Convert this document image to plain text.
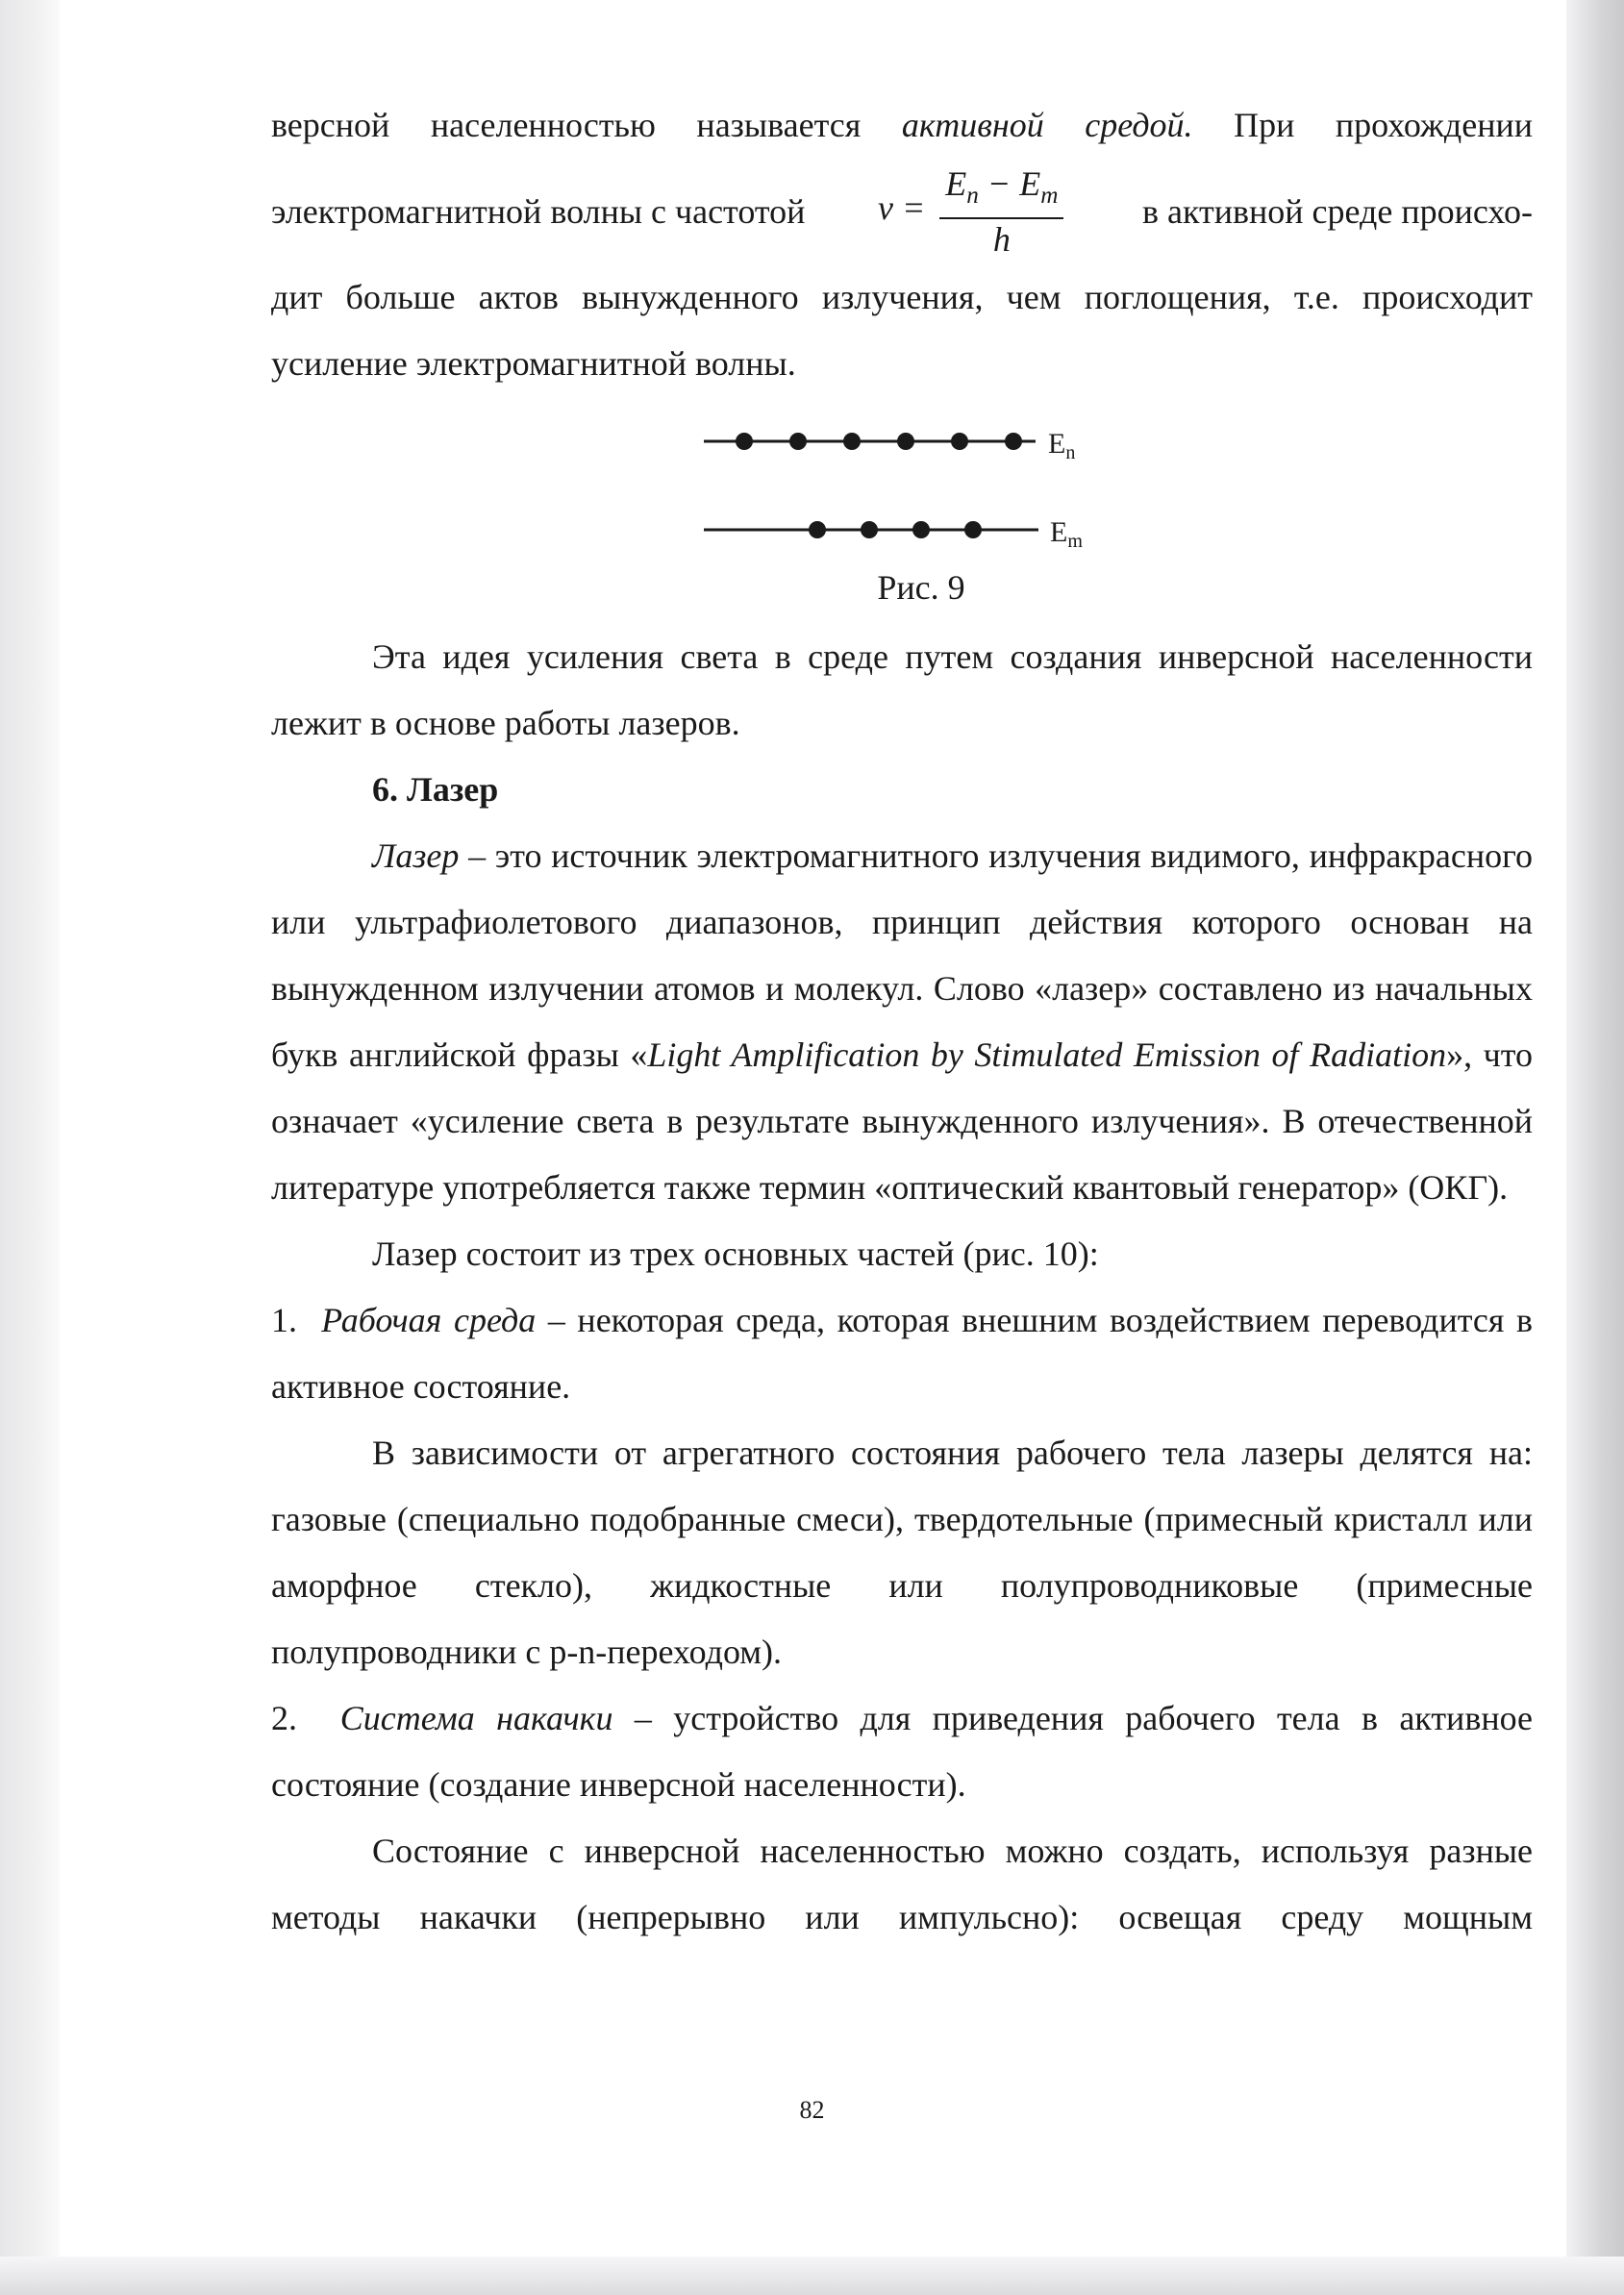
версной населенностью называется активной средой. При прохождении

электромагнитной волны с частотой $\nu = \frac{E_n - E_m}{h}$ в активной среде происхо-

дит больше актов вынужденного излучения, чем поглощения, т.е. происходит усиление электромагнитной волны.

$E_n$
$E_m$

Рис. 9

Эта идея усиления света в среде путем создания инверсной населенности лежит в основе работы лазеров.

6. Лазер

Лазер – это источник электромагнитного излучения видимого, инфракрасного или ультрафиолетового диапазонов, принцип действия которого основан на вынужденном излучении атомов и молекул. Слово «лазер» составлено из начальных букв английской фразы «Light Amplification by Stimulated Emission of Radiation», что означает «усиление света в результате вынужденного излучения». В отечественной литературе употребляется также термин «оптический квантовый генератор» (ОКГ).

Лазер состоит из трех основных частей (рис. 10):

1. Рабочая среда – некоторая среда, которая внешним воздействием переводится в активное состояние.

В зависимости от агрегатного состояния рабочего тела лазеры делятся на: газовые (специально подобранные смеси), твердотельные (примесный кристалл или аморфное стекло), жидкостные или полупроводниковые (примесные полупроводники с p-n-переходом).

2. Система накачки – устройство для приведения рабочего тела в активное состояние (создание инверсной населенности).

Состояние с инверсной населенностью можно создать, используя разные методы накачки (непрерывно или импульсно): освещая среду мощным

82
